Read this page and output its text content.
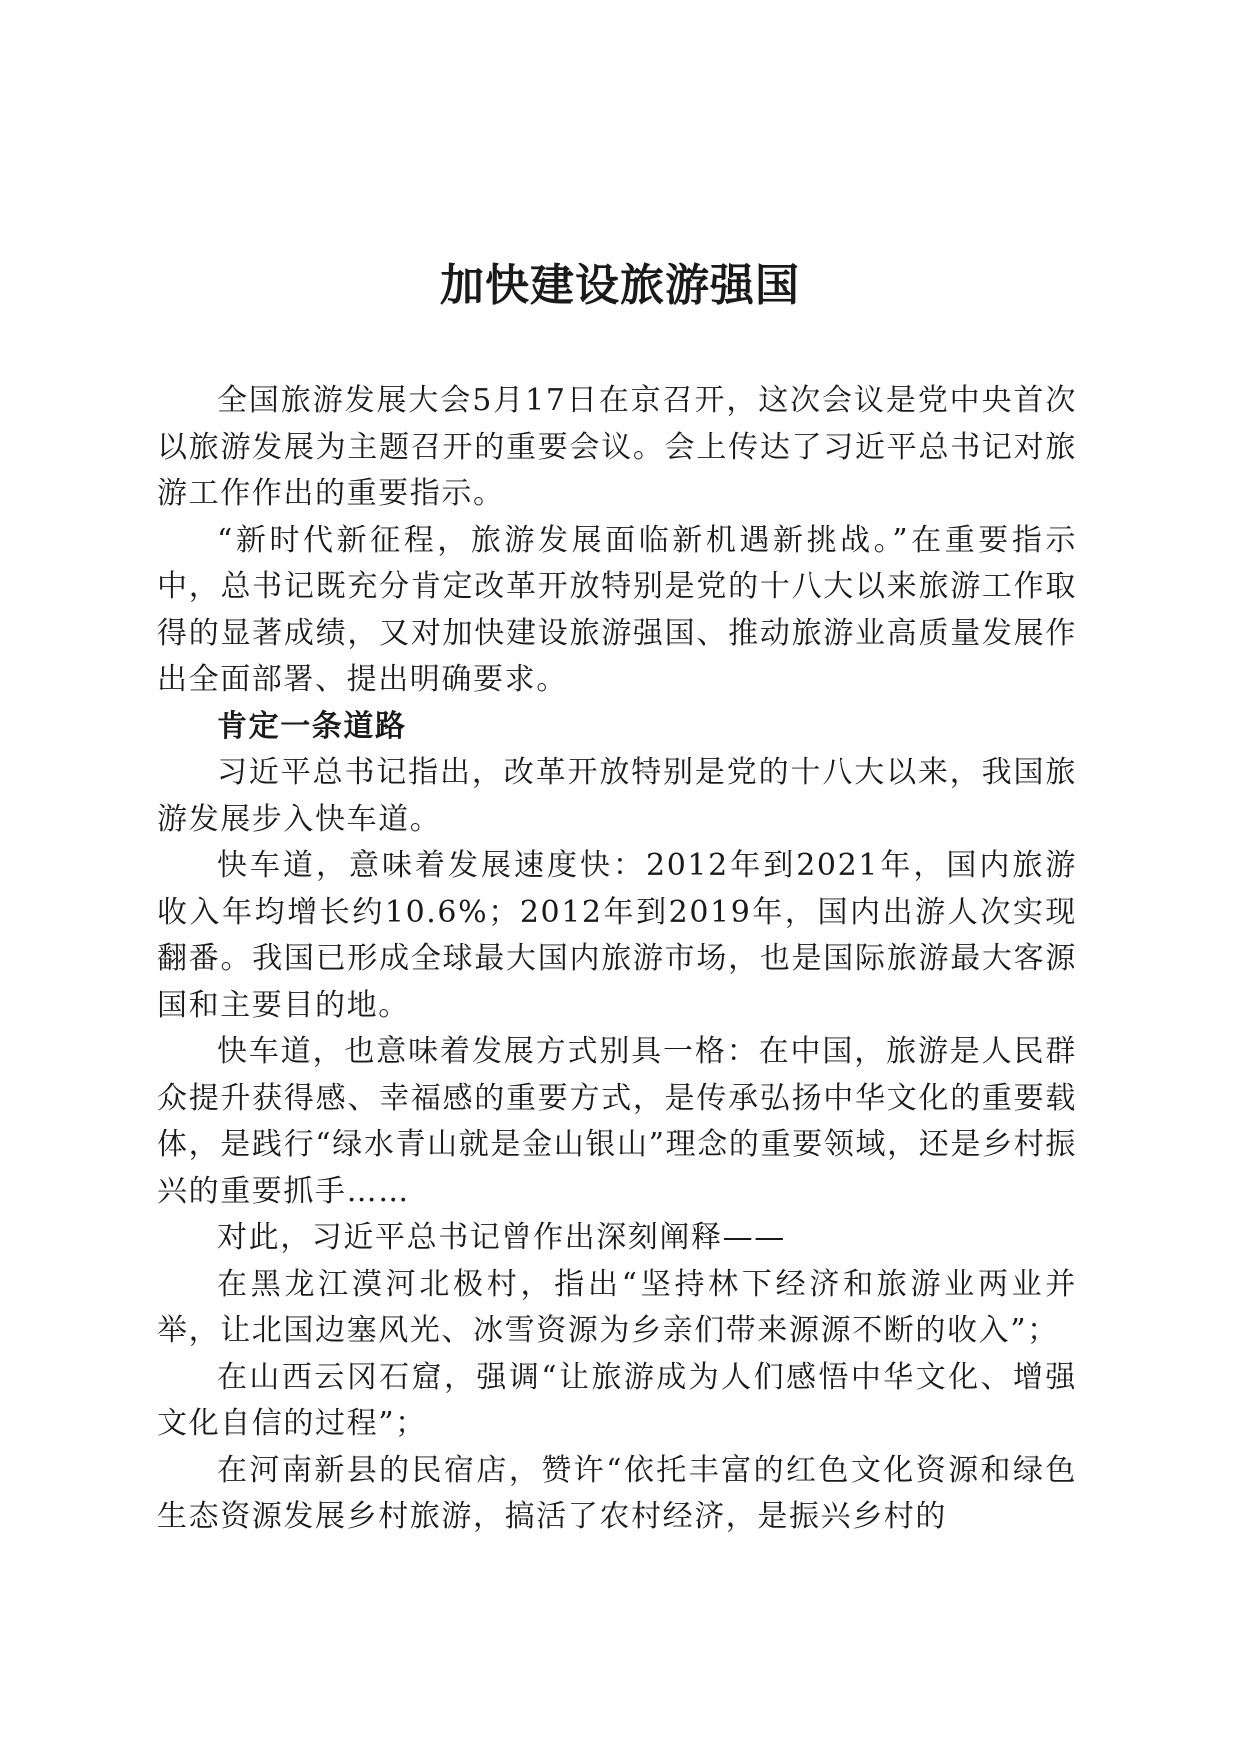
加快建设旅游强国

全国旅游发展大会5月17日在京召开，这次会议是党中央首次以旅游发展为主题召开的重要会议。会上传达了习近平总书记对旅游工作作出的重要指示。

“新时代新征程，旅游发展面临新机遇新挑战。”在重要指示中，总书记既充分肯定改革开放特别是党的十八大以来旅游工作取得的显著成绩，又对加快建设旅游强国、推动旅游业高质量发展作出全面部署、提出明确要求。

肯定一条道路

习近平总书记指出，改革开放特别是党的十八大以来，我国旅游发展步入快车道。

快车道，意味着发展速度快：2012年到2021年，国内旅游收入年均增长约10.6%；2012年到2019年，国内出游人次实现翻番。我国已形成全球最大国内旅游市场，也是国际旅游最大客源国和主要目的地。

快车道，也意味着发展方式别具一格：在中国，旅游是人民群众提升获得感、幸福感的重要方式，是传承弘扬中华文化的重要载体，是践行“绿水青山就是金山银山”理念的重要领域，还是乡村振兴的重要抓手……

对此，习近平总书记曾作出深刻阐释——

在黑龙江漠河北极村，指出“坚持林下经济和旅游业两业并举，让北国边塞风光、冰雪资源为乡亲们带来源源不断的收入”；

在山西云冈石窟，强调“让旅游成为人们感悟中华文化、增强文化自信的过程”；

在河南新县的民宿店，赞许“依托丰富的红色文化资源和绿色生态资源发展乡村旅游，搞活了农村经济，是振兴乡村的
